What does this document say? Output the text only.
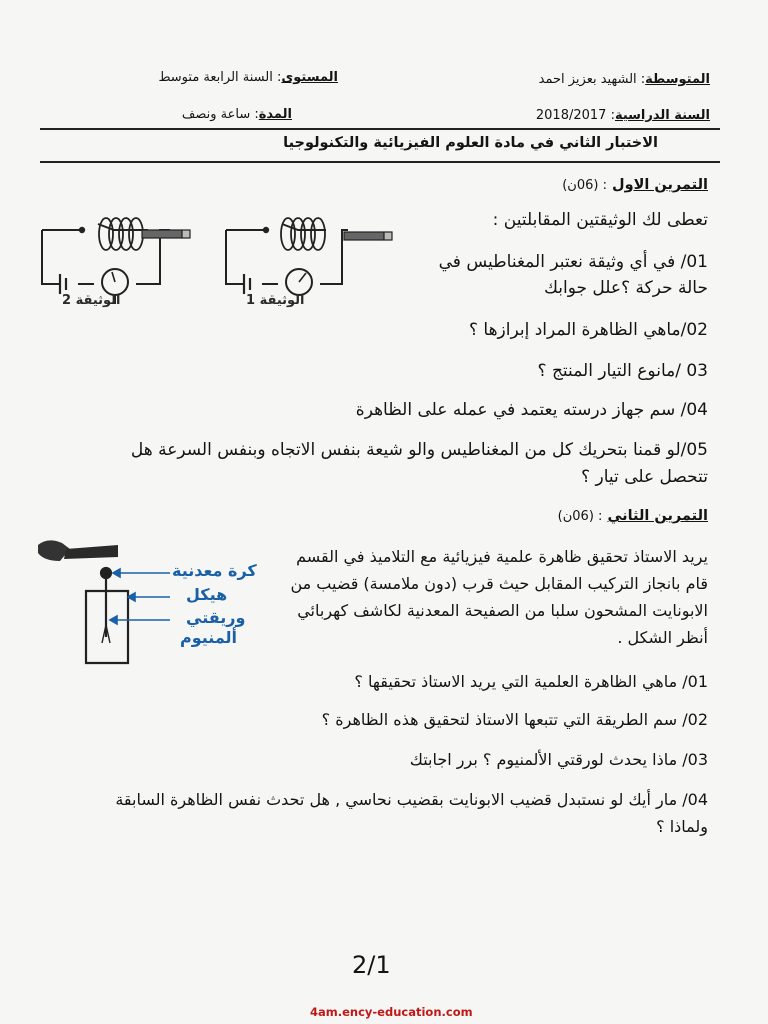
المتوسطة: الشهيد بعزيز احمد
المستوى: السنة الرابعة متوسط
السنة الدراسية: 2018/2017
المدة: ساعة ونصف
الاختبار الثاني في مادة العلوم الفيزيائية والتكنولوجيا
التمرين الاول : (06ن)
الوثيقة 2	الوثيقة 1
تعطى لك الوثيقتين المقابلتين :
01/ في أي وثيقة نعتبر المغناطيس في
حالة حركة ؟علل جوابك
02/ماهي الظاهرة المراد إبرازها ؟
03 /مانوع التيار المنتج ؟
04/ سم جهاز درسته يعتمد في عمله على الظاهرة
05/لو قمنا بتحريك كل من المغناطيس والو شيعة بنفس الاتجاه وبنفس السرعة هل
تتحصل على تيار ؟
التمرين الثاني : (06ن)
كرة معدنية
هيكل
وريقتي
ألمنيوم
يريد الاستاذ تحقيق ظاهرة علمية فيزيائية مع التلاميذ في القسم
قام بانجاز التركيب المقابل حيث قرب (دون ملامسة) قضيب من
الابونايت المشحون سلبا من الصفيحة المعدنية لكاشف كهربائي
أنظر الشكل .
01/ ماهي الظاهرة العلمية التي يريد الاستاذ تحقيقها ؟
02/ سم الطريقة التي تتبعها الاستاذ لتحقيق هذه الظاهرة ؟
03/ ماذا يحدث لورقتي الألمنيوم ؟ برر اجابتك
04/ مار أيك لو نستبدل قضيب الابونايت بقضيب نحاسي , هل تحدث نفس الظاهرة السابقة
ولماذا ؟
2/1
4am.ency-education.com
